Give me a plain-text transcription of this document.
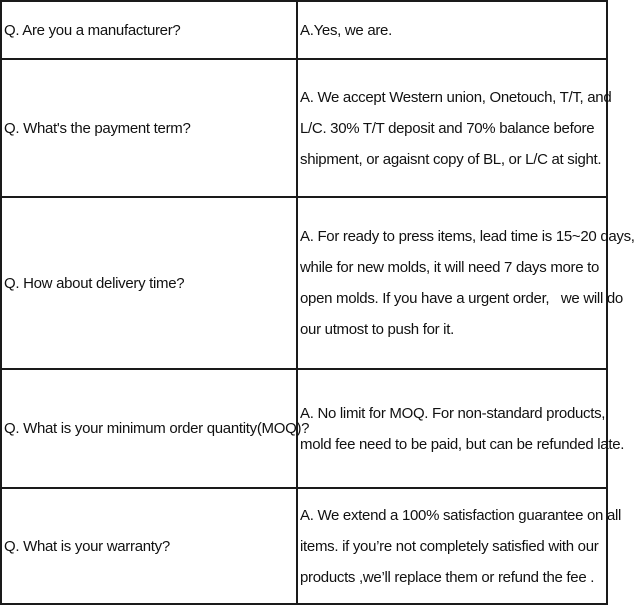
Q. Are you a manufacturer?	A.Yes, we are.

Q. What's the payment term?	A. We accept Western union, Onetouch, T/T, and
L/C. 30% T/T deposit and 70% balance before
shipment, or agaisnt copy of BL, or L/C at sight.

Q. How about delivery time?	A. For ready to press items, lead time is 15~20 days,
while for new molds, it will need 7 days more to
open molds. If you have a urgent order,   we will do
our utmost to push for it.

Q. What is your minimum order quantity(MOQ)?	A. No limit for MOQ. For non-standard products,
mold fee need to be paid, but can be refunded late.

Q. What is your warranty?	A. We extend a 100% satisfaction guarantee on all
items. if you’re not completely satisfied with our
products ,we’ll replace them or refund the fee .
